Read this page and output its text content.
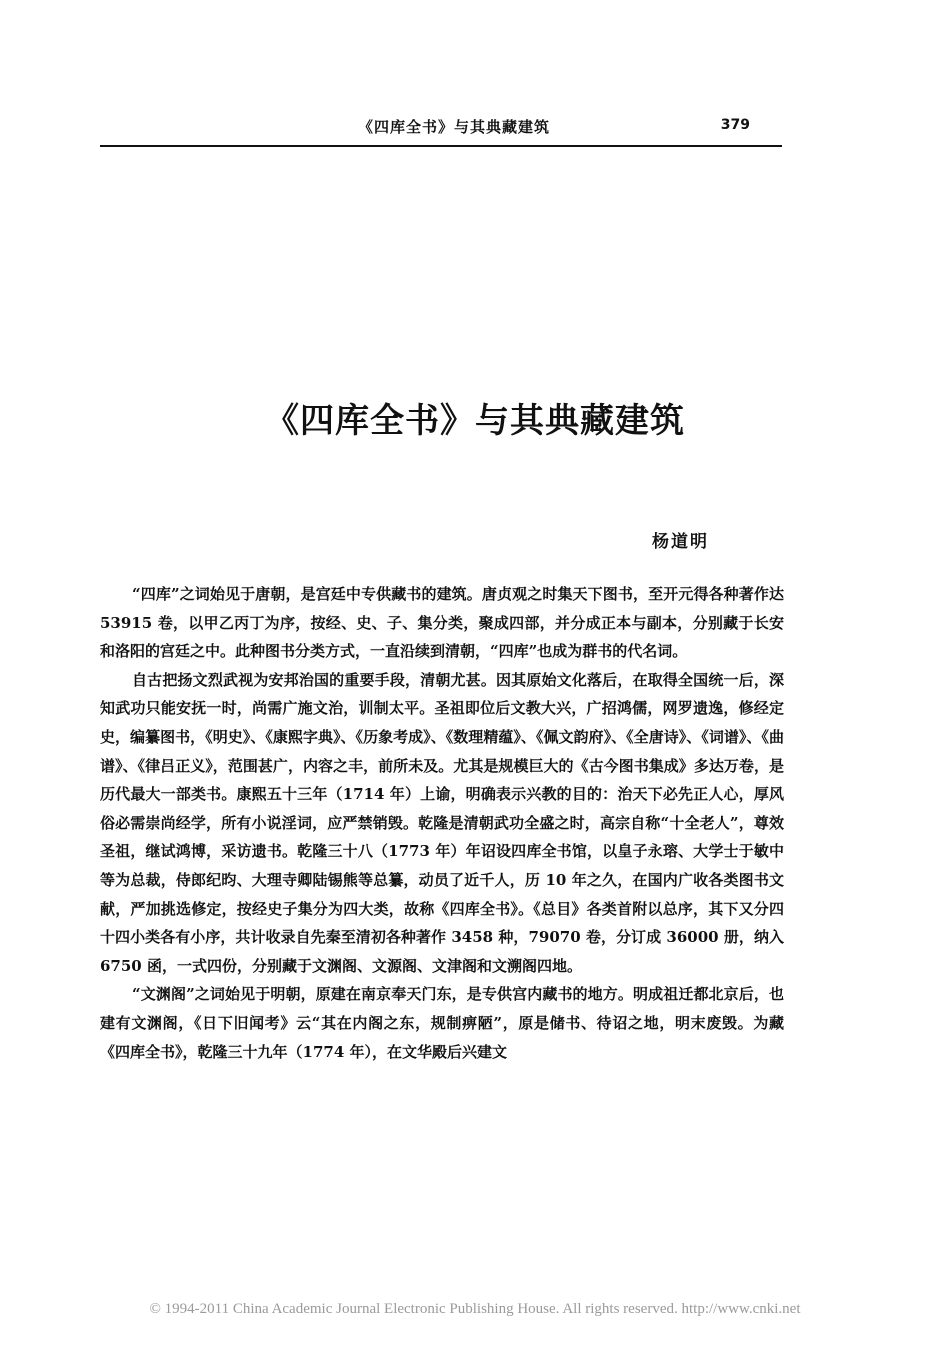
《四库全书》与其典藏建筑	379
《四库全书》与其典藏建筑
杨道明

“四库”之词始见于唐朝，是宫廷中专供藏书的建筑。唐贞观之时集天下图书，至开元得各种著作达 53915 卷，以甲乙丙丁为序，按经、史、子、集分类，聚成四部，并分成正本与副本，分别藏于长安和洛阳的宫廷之中。此种图书分类方式，一直沿续到清朝，“四库”也成为群书的代名词。

自古把扬文烈武视为安邦治国的重要手段，清朝尤甚。因其原始文化落后，在取得全国统一后，深知武功只能安抚一时，尚需广施文治，训制太平。圣祖即位后文教大兴，广招鸿儒，网罗遗逸，修经定史，编纂图书，《明史》、《康熙字典》、《历象考成》、《数理精蕴》、《佩文韵府》、《全唐诗》、《词谱》、《曲谱》、《律吕正义》，范围甚广，内容之丰，前所未及。尤其是规模巨大的《古今图书集成》多达万卷，是历代最大一部类书。康熙五十三年（1714 年）上谕，明确表示兴教的目的：治天下必先正人心，厚风俗必需崇尚经学，所有小说淫词，应严禁销毁。乾隆是清朝武功全盛之时，高宗自称“十全老人”，尊效圣祖，继试鸿博，采访遗书。乾隆三十八（1773 年）年诏设四库全书馆，以皇子永瑢、大学士于敏中等为总裁，侍郎纪昀、大理寺卿陆锡熊等总纂，动员了近千人，历 10 年之久，在国内广收各类图书文献，严加挑选修定，按经史子集分为四大类，故称《四库全书》。《总目》各类首附以总序，其下又分四十四小类各有小序，共计收录自先秦至清初各种著作 3458 种，79070 卷，分订成 36000 册，纳入 6750 函，一式四份，分别藏于文渊阁、文源阁、文津阁和文溯阁四地。

“文渊阁”之词始见于明朝，原建在南京奉天门东，是专供宫内藏书的地方。明成祖迁都北京后，也建有文渊阁，《日下旧闻考》云“其在内阁之东，规制痹陋”，原是储书、待诏之地，明末废毁。为藏《四库全书》，乾隆三十九年（1774 年），在文华殿后兴建文

© 1994-2011 China Academic Journal Electronic Publishing House. All rights reserved. http://www.cnki.net
